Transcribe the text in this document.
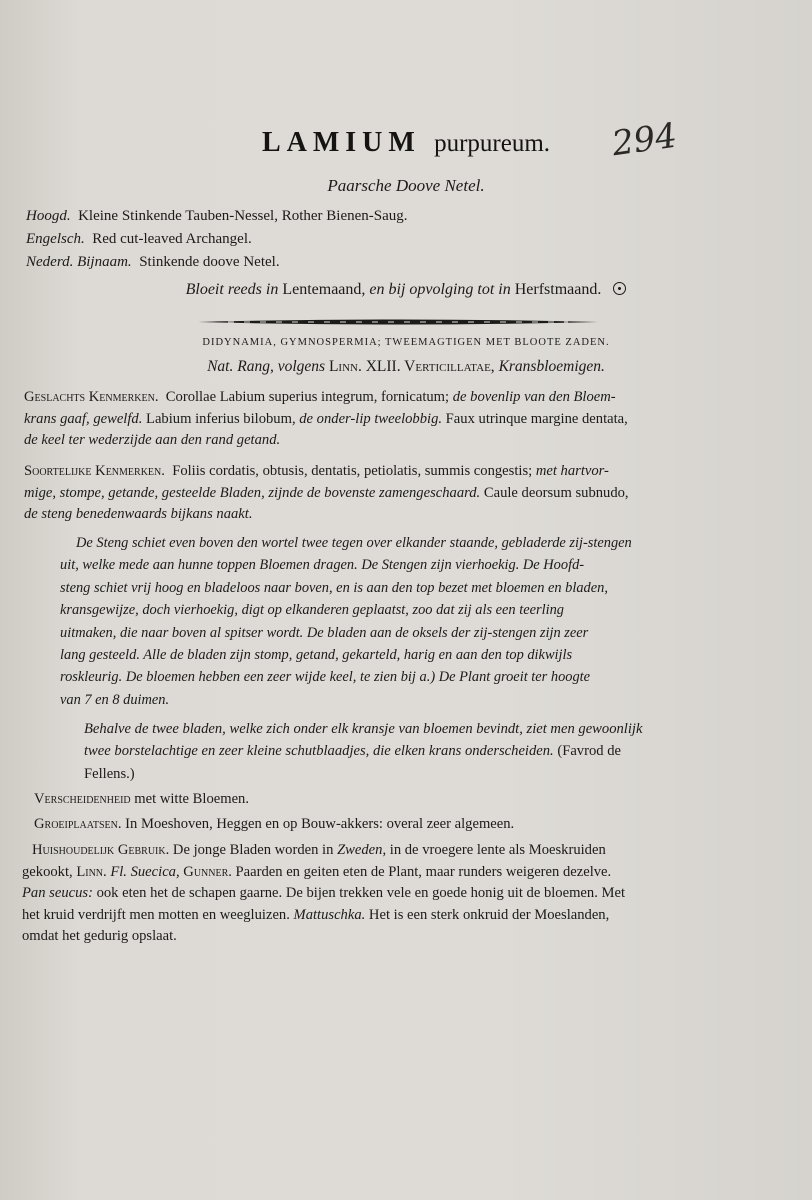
LAMIUM purpureum.	294
Paarsche Doove Netel.
Hoogd. Kleine Stinkende Tauben-Nessel, Rother Bienen-Saug.
Engelsch. Red cut-leaved Archangel.
Nederd. Bijnaam. Stinkende doove Netel.
Bloeit reeds in Lentemaand, en bij opvolging tot in Herfstmaand.
DIDYNAMIA, GYMNOSPERMIA; TWEEMAGTIGEN MET BLOOTE ZADEN.
Nat. Rang, volgens Linn. XLII. Verticillatae, Kransbloemigen.
Geslachts Kenmerken. Corollae Labium superius integrum, fornicatum; de bovenlip van den Bloem-
krans gaaf, gewelfd. Labium inferius bilobum, de onder-lip tweelobbig. Faux utrinque margine dentata,
de keel ter wederzijde aan den rand getand.
Soortelijke Kenmerken. Foliis cordatis, obtusis, dentatis, petiolatis, summis congestis; met hartvor-
mige, stompe, getande, gesteelde Bladen, zijnde de bovenste zamengeschaard. Caule deorsum subnudo,
de steng benedenwaards bijkans naakt.
De Steng schiet even boven den wortel twee tegen over elkander staande, gebladerde zij-stengen
uit, welke mede aan hunne toppen Bloemen dragen. De Stengen zijn vierhoekig. De Hoofd-
steng schiet vrij hoog en bladeloos naar boven, en is aan den top bezet met bloemen en bladen,
kransgewijze, doch vierhoekig, digt op elkanderen geplaatst, zoo dat zij als een teerling
uitmaken, die naar boven al spitser wordt. De bladen aan de oksels der zij-stengen zijn zeer
lang gesteeld. Alle de bladen zijn stomp, getand, gekarteld, harig en aan den top dikwijls
roskleurig. De bloemen hebben een zeer wijde keel, te zien bij a.) De Plant groeit ter hoogte
van 7 en 8 duimen.
Behalve de twee bladen, welke zich onder elk kransje van bloemen bevindt, ziet men gewoonlijk
twee borstelachtige en zeer kleine schutblaadjes, die elken krans onderscheiden. (Favrod de
Fellens.)
Verscheidenheid met witte Bloemen.
Groeiplaatsen. In Moeshoven, Heggen en op Bouw-akkers: overal zeer algemeen.
Huishoudelijk Gebruik. De jonge Bladen worden in Zweden, in de vroegere lente als Moeskruiden
gekookt, Linn. Fl. Suecica, Gunner. Paarden en geiten eten de Plant, maar runders weigeren dezelve.
Pan seucus: ook eten het de schapen gaarne. De bijen trekken vele en goede honig uit de bloemen. Met
het kruid verdrijft men motten en weegluizen. Mattuschka. Het is een sterk onkruid der Moeslanden,
omdat het gedurig opslaat.
